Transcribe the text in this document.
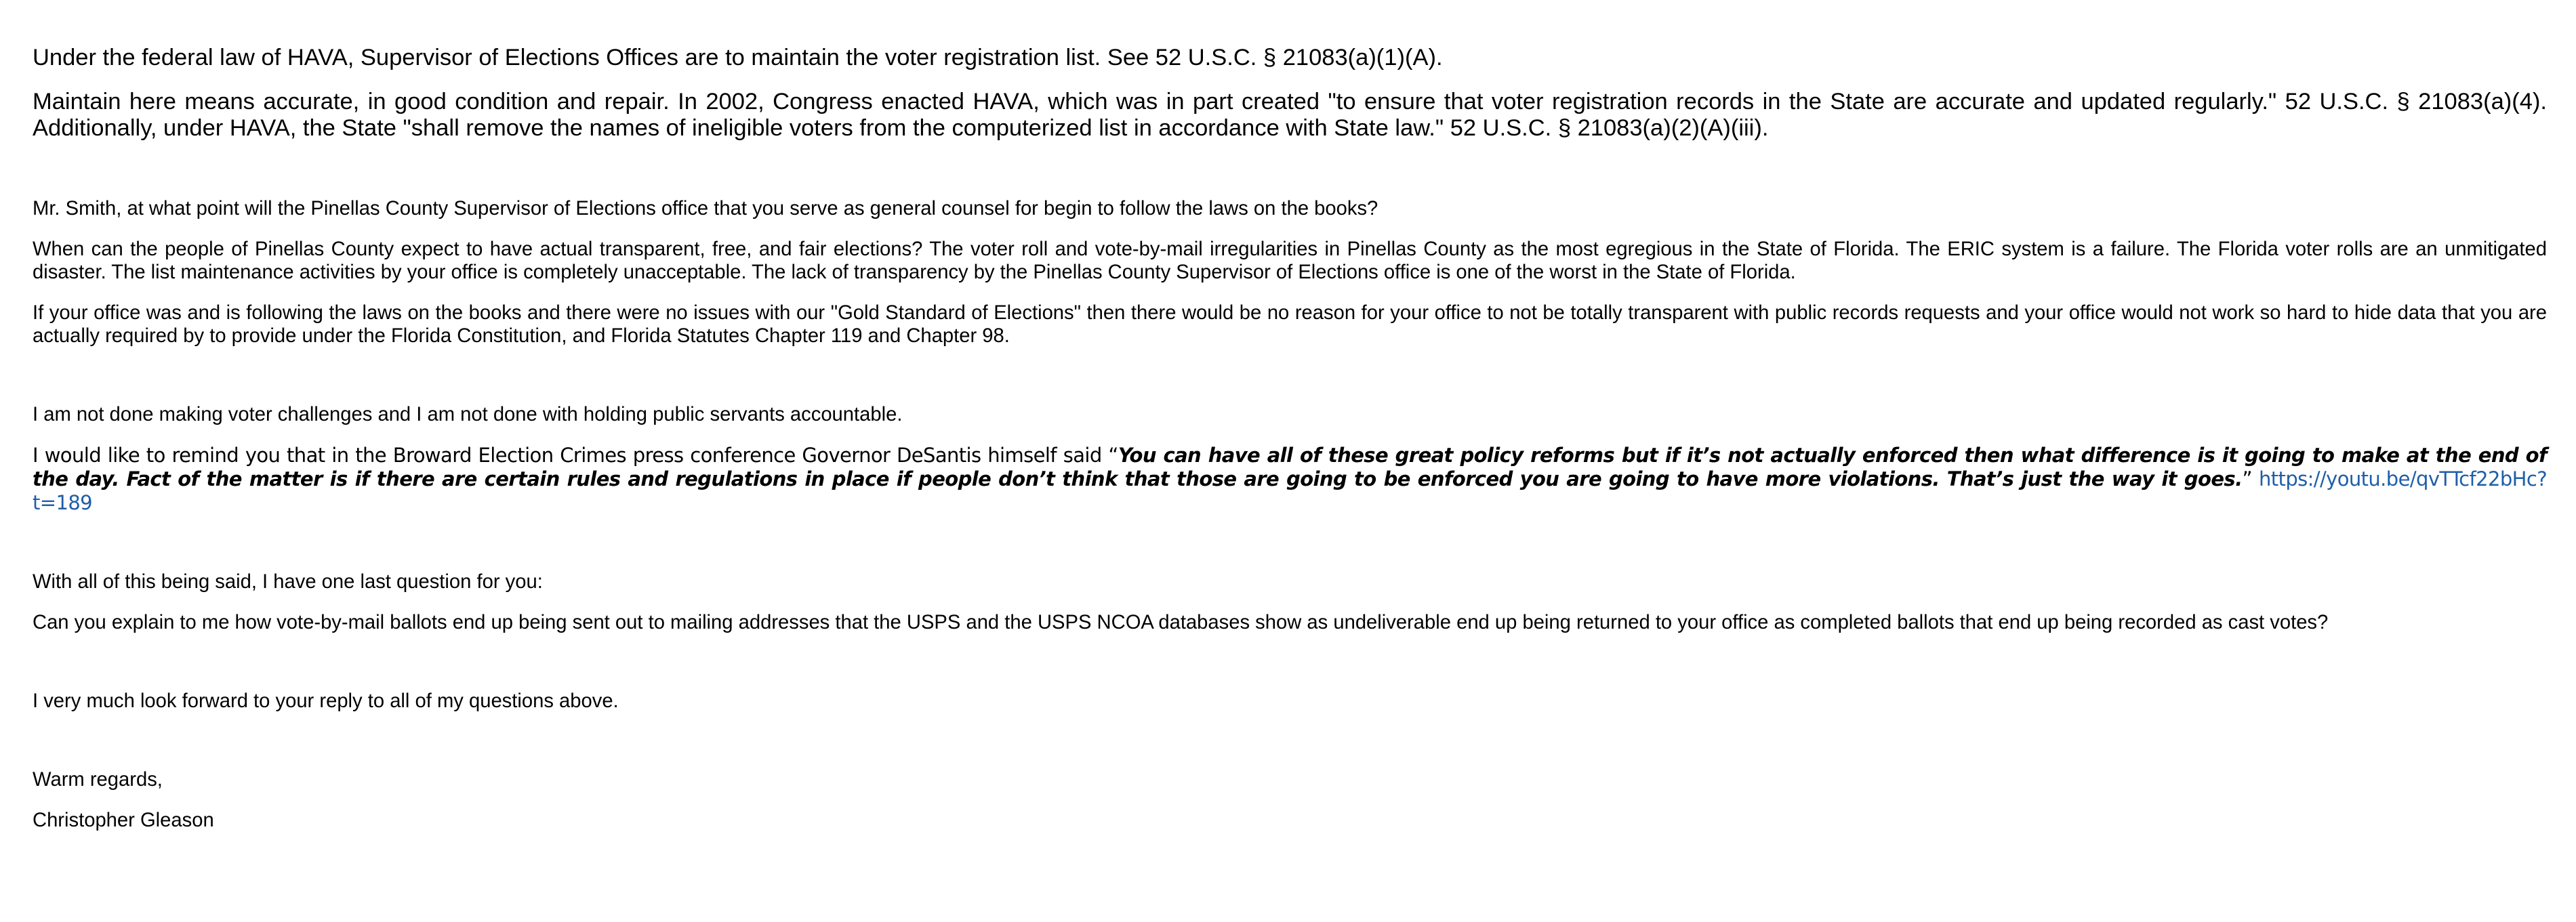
Under the federal law of HAVA, Supervisor of Elections Offices are to maintain the voter registration list. See 52 U.S.C. § 21083(a)(1)(A).

Maintain here means accurate, in good condition and repair. In 2002, Congress enacted HAVA, which was in part created "to ensure that voter registration records in the State are accurate and updated regularly." 52 U.S.C. § 21083(a)(4). Additionally, under HAVA, the State "shall remove the names of ineligible voters from the computerized list in accordance with State law." 52 U.S.C. § 21083(a)(2)(A)(iii).

Mr. Smith, at what point will the Pinellas County Supervisor of Elections office that you serve as general counsel for begin to follow the laws on the books?

When can the people of Pinellas County expect to have actual transparent, free, and fair elections? The voter roll and vote-by-mail irregularities in Pinellas County as the most egregious in the State of Florida. The ERIC system is a failure. The Florida voter rolls are an unmitigated disaster. The list maintenance activities by your office is completely unacceptable. The lack of transparency by the Pinellas County Supervisor of Elections office is one of the worst in the State of Florida.

If your office was and is following the laws on the books and there were no issues with our "Gold Standard of Elections" then there would be no reason for your office to not be totally transparent with public records requests and your office would not work so hard to hide data that you are actually required by to provide under the Florida Constitution, and Florida Statutes Chapter 119 and Chapter 98.

I am not done making voter challenges and I am not done with holding public servants accountable.

I would like to remind you that in the Broward Election Crimes press conference Governor DeSantis himself said “You can have all of these great policy reforms but if it’s not actually enforced then what difference is it going to make at the end of the day. Fact of the matter is if there are certain rules and regulations in place if people don’t think that those are going to be enforced you are going to have more violations. That’s just the way it goes.” https://youtu.be/qvTTcf22bHc?t=189

With all of this being said, I have one last question for you:

Can you explain to me how vote-by-mail ballots end up being sent out to mailing addresses that the USPS and the USPS NCOA databases show as undeliverable end up being returned to your office as completed ballots that end up being recorded as cast votes?

I very much look forward to your reply to all of my questions above.

Warm regards,

Christopher Gleason
